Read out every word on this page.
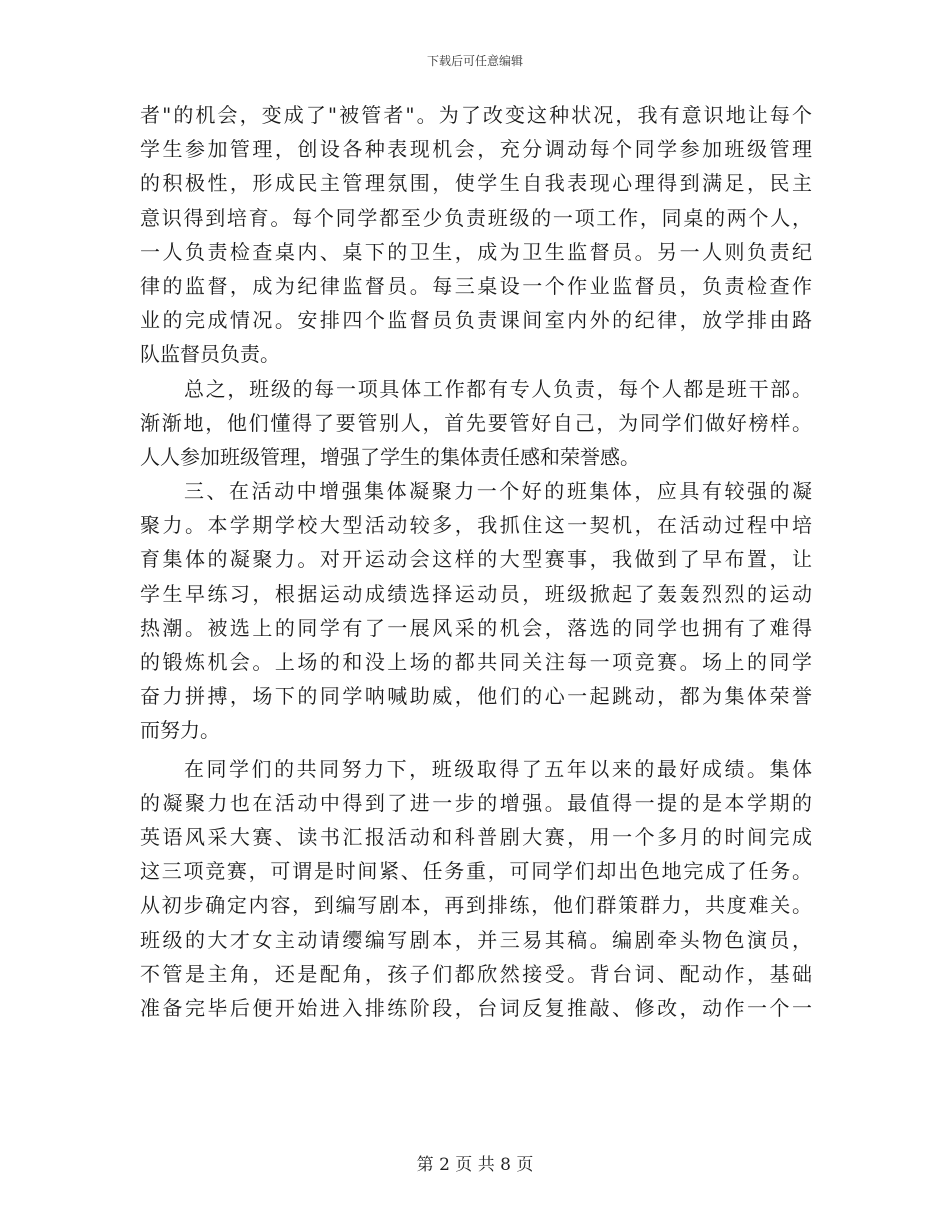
下载后可任意编辑
者"的机会，变成了"被管者"。为了改变这种状况，我有意识地让每个
学生参加管理，创设各种表现机会，充分调动每个同学参加班级管理
的积极性，形成民主管理氛围，使学生自我表现心理得到满足，民主
意识得到培育。每个同学都至少负责班级的一项工作，同桌的两个人，
一人负责检查桌内、桌下的卫生，成为卫生监督员。另一人则负责纪
律的监督，成为纪律监督员。每三桌设一个作业监督员，负责检查作
业的完成情况。安排四个监督员负责课间室内外的纪律，放学排由路
队监督员负责。
总之，班级的每一项具体工作都有专人负责，每个人都是班干部。
渐渐地，他们懂得了要管别人，首先要管好自己，为同学们做好榜样。
人人参加班级管理，增强了学生的集体责任感和荣誉感。
三、在活动中增强集体凝聚力一个好的班集体，应具有较强的凝
聚力。本学期学校大型活动较多，我抓住这一契机，在活动过程中培
育集体的凝聚力。对开运动会这样的大型赛事，我做到了早布置，让
学生早练习，根据运动成绩选择运动员，班级掀起了轰轰烈烈的运动
热潮。被选上的同学有了一展风采的机会，落选的同学也拥有了难得
的锻炼机会。上场的和没上场的都共同关注每一项竞赛。场上的同学
奋力拼搏，场下的同学呐喊助威，他们的心一起跳动，都为集体荣誉
而努力。
在同学们的共同努力下，班级取得了五年以来的最好成绩。集体
的凝聚力也在活动中得到了进一步的增强。最值得一提的是本学期的
英语风采大赛、读书汇报活动和科普剧大赛，用一个多月的时间完成
这三项竞赛，可谓是时间紧、任务重，可同学们却出色地完成了任务。
从初步确定内容，到编写剧本，再到排练，他们群策群力，共度难关。
班级的大才女主动请缨编写剧本，并三易其稿。编剧牵头物色演员，
不管是主角，还是配角，孩子们都欣然接受。背台词、配动作，基础
准备完毕后便开始进入排练阶段，台词反复推敲、修改，动作一个一
第 2 页 共 8 页
